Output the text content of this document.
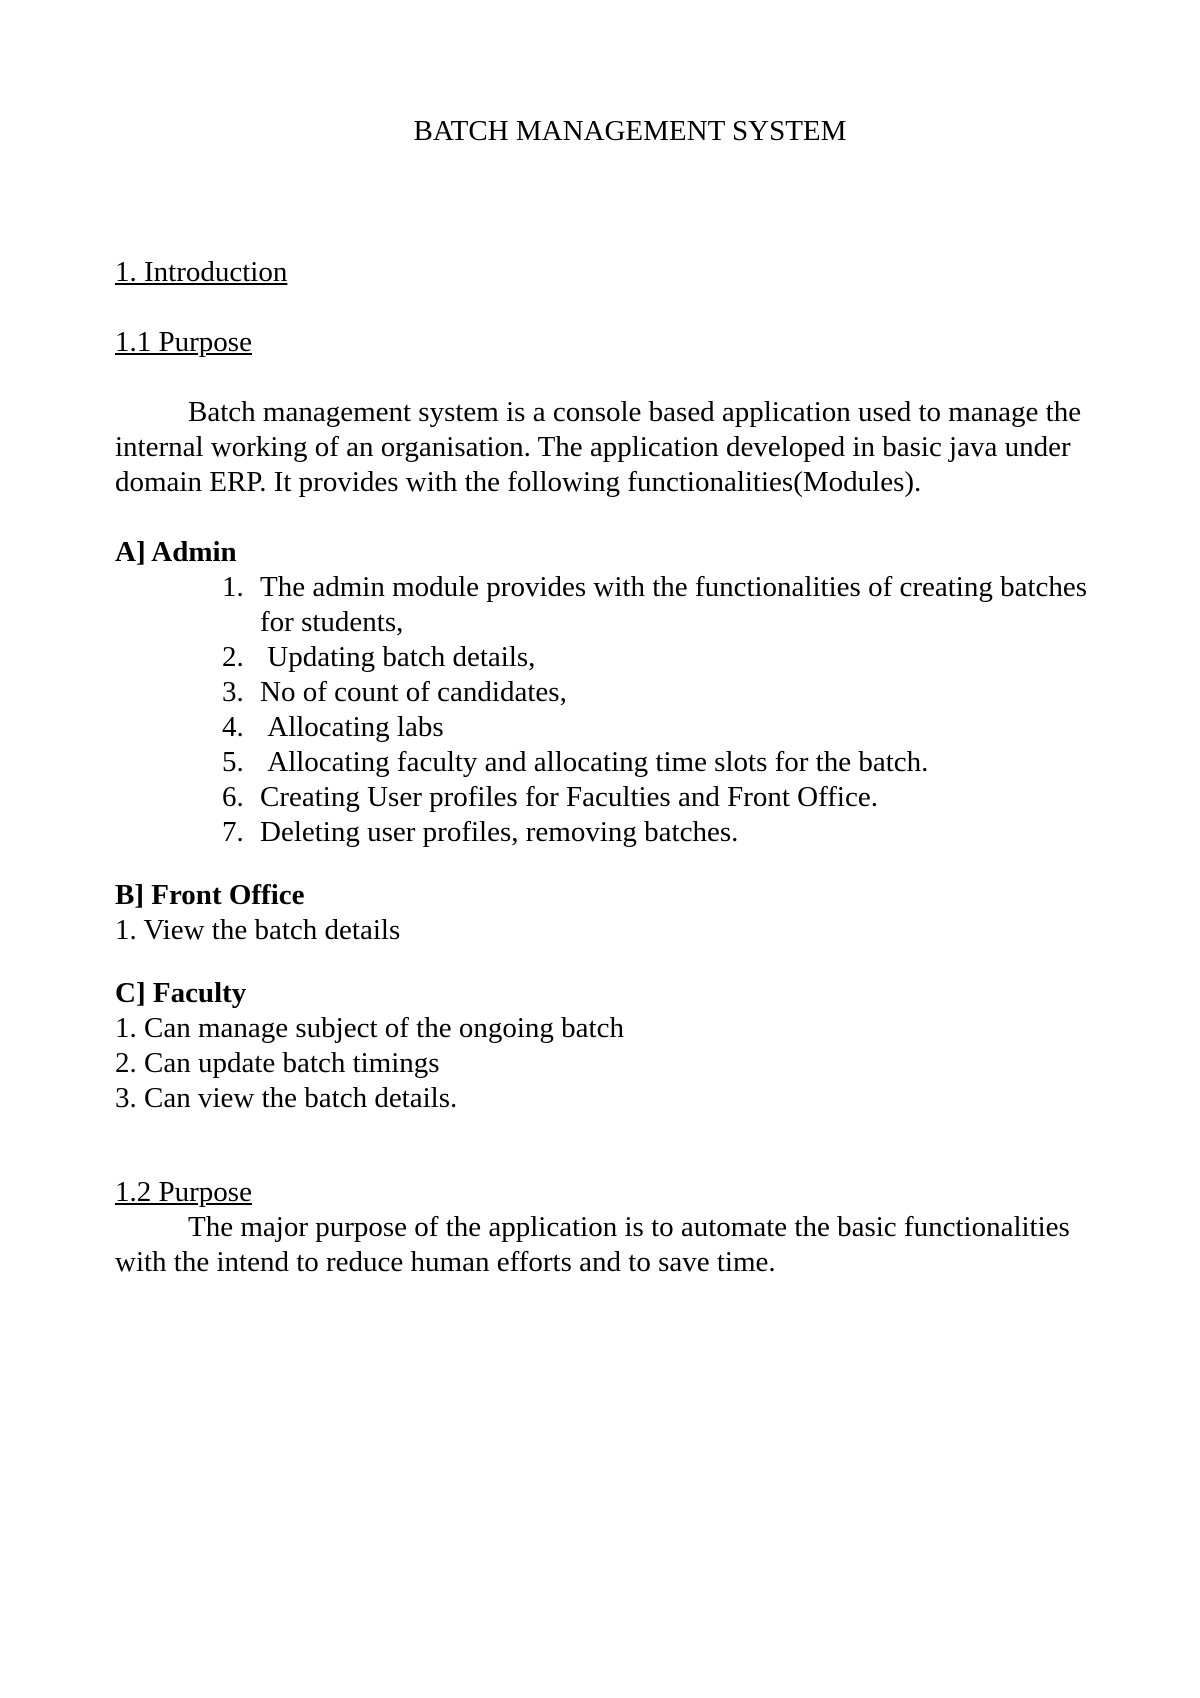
BATCH MANAGEMENT SYSTEM
1. Introduction
1.1 Purpose
Batch management system is a console based application used to manage the internal working of an organisation. The application developed in basic java under domain ERP. It provides with the following functionalities(Modules).
A] Admin
1. The admin module provides with the functionalities of creating batches for students,
2. Updating batch details,
3. No of count of candidates,
4. Allocating labs
5. Allocating faculty and allocating time slots for the batch.
6. Creating User profiles for Faculties and Front Office.
7. Deleting user profiles, removing batches.
B] Front Office
1. View the batch details
C] Faculty
1. Can manage subject of the ongoing batch
2. Can update batch timings
3. Can view the batch details.
1.2 Purpose
The major purpose of the application is to automate the basic functionalities with the intend to reduce human efforts and to save time.
